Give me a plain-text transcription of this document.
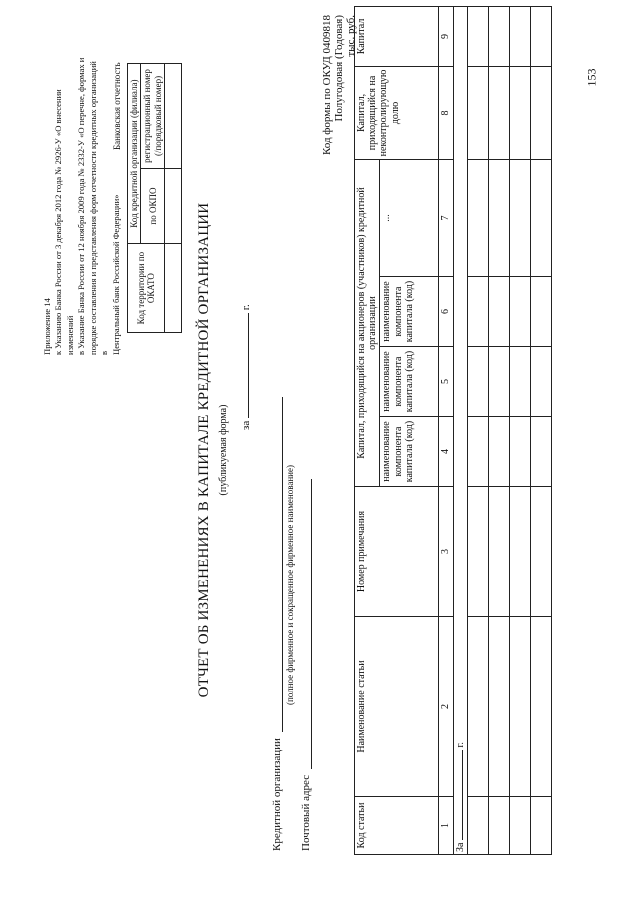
153
Приложение 14 к Указанию Банка России от 3 декабря 2012 года № 2926-У «О внесении изменений в Указание Банка России от 12 ноября 2009 года № 2332-У «О перечне, формах и порядке составления и представления форм отчетности кредитных организаций в Центральный банк Российской Федерации»
Банковская отчетность
Код территории по ОКАТО	Код кредитной организации (филиала)	
	по ОКПО	регистрационный номер (/порядковый номер)

ОТЧЕТ ОБ ИЗМЕНЕНИЯХ В КАПИТАЛЕ КРЕДИТНОЙ ОРГАНИЗАЦИИ (публикуемая форма) за  г.
Кредитной организации
(полное фирменное и сокращенное фирменное наименование)
Почтовый адрес
Код формы по ОКУД 0409818 Полугодовая (Годовая) тыс. руб.
Код статьи	Наименование статьи	Номер примечания	Капитал, приходящийся на акционеров (участников) кредитной организации				Капитал, приходящийся на неконтролирующую долю	Капитал
			наименование компонента капитала (код)	наименование компонента капитала (код)	наименование компонента капитала (код)	...		
1	2	3	4	5	6	7	8	9
За  г.								
